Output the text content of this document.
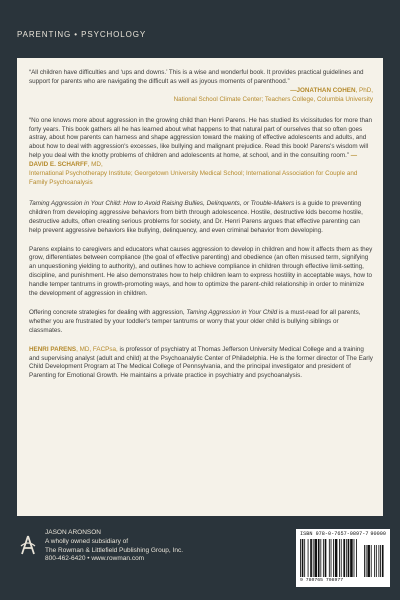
PARENTING • PSYCHOLOGY

“All children have difficulties and ‘ups and downs.’ This is a wise and wonderful book. It provides practical guidelines and support for parents who are navigating the difficult as well as joyous moments of parenthood.”
—JONATHAN COHEN, PhD,
National School Climate Center; Teachers College, Columbia University

“No one knows more about aggression in the growing child than Henri Parens. He has studied its vicissitudes for more than forty years. This book gathers all he has learned about what happens to that natural part of ourselves that so often goes astray, about how parents can harness and shape aggression toward the making of effective adolescents and adults, and about how to deal with aggression's excesses, like bullying and malignant prejudice. Read this book! Parens's wisdom will help you deal with the knotty problems of children and adolescents at home, at school, and in the consulting room.” —DAVID E. SCHARFF, MD,
International Psychotherapy Institute; Georgetown University Medical School; International Association for Couple and Family Psychoanalysis

Taming Aggression in Your Child: How to Avoid Raising Bullies, Delinquents, or Trouble-Makers is a guide to preventing children from developing aggressive behaviors from birth through adolescence. Hostile, destructive kids become hostile, destructive adults, often creating serious problems for society, and Dr. Henri Parens argues that effective parenting can help prevent aggressive behaviors like bullying, delinquency, and even criminal behavior from developing.

Parens explains to caregivers and educators what causes aggression to develop in children and how it affects them as they grow, differentiates between compliance (the goal of effective parenting) and obedience (an often misused term, signifying an unquestioning yielding to authority), and outlines how to achieve compliance in children through effective limit-setting, discipline, and punishment. He also demonstrates how to help children learn to express hostility in acceptable ways, how to handle temper tantrums in growth-promoting ways, and how to optimize the parent-child relationship in order to minimize the development of aggression in children.

Offering concrete strategies for dealing with aggression, Taming Aggression in Your Child is a must-read for all parents, whether you are frustrated by your toddler's temper tantrums or worry that your older child is bullying siblings or classmates.

HENRI PARENS, MD, FACPsa, is professor of psychiatry at Thomas Jefferson University Medical College and a training and supervising analyst (adult and child) at the Psychoanalytic Center of Philadelphia. He is the former director of The Early Child Development Program at The Medical College of Pennsylvania, and the principal investigator and president of Parenting for Emotional Growth. He maintains a private practice in psychiatry and psychoanalysis.

JASON ARONSON
A wholly owned subsidiary of
The Rowman & Littlefield Publishing Group, Inc.
800-462-6420 • www.rowman.com
ISBN 978-0-7657-0897-7 90000
9 780765 708977
